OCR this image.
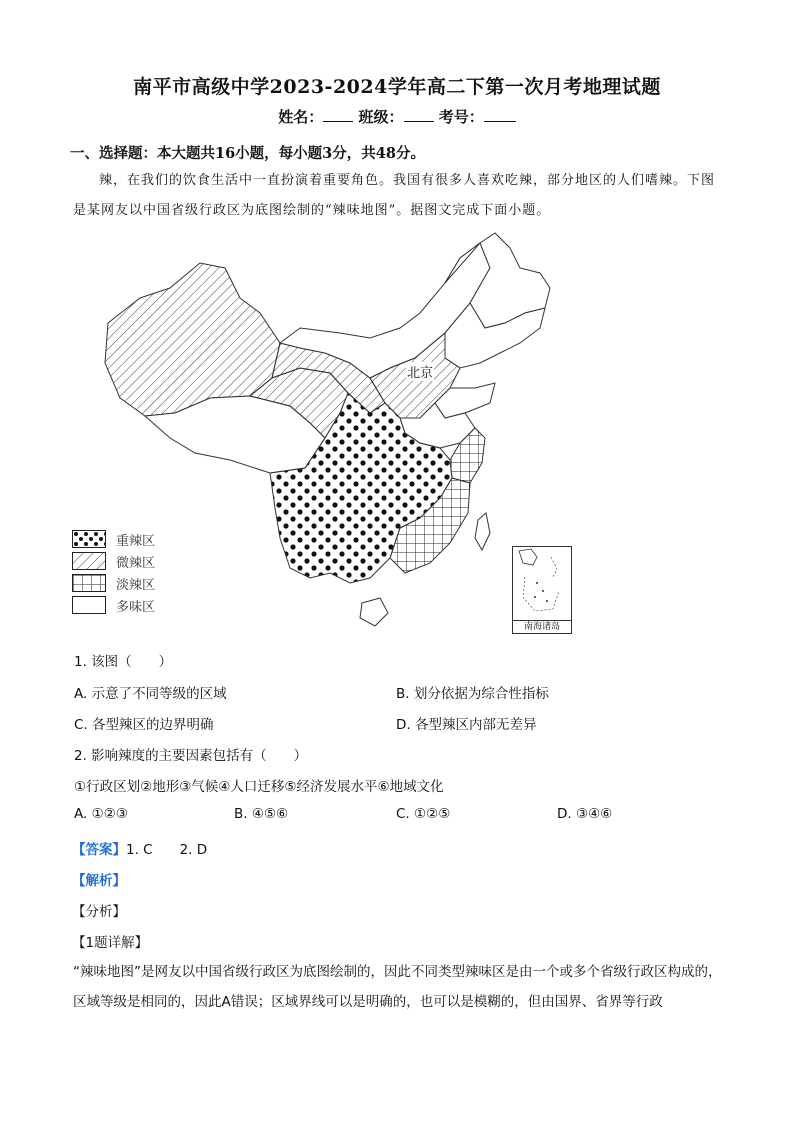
南平市高级中学2023-2024学年高二下第一次月考地理试题
姓名： 班级： 考号：
一、选择题：本大题共16小题，每小题3分，共48分。
辣，在我们的饮食生活中一直扮演着重要角色。我国有很多人喜欢吃辣，部分地区的人们嗜辣。下图是某网友以中国省级行政区为底图绘制的“辣味地图”。据图文完成下面小题。
北京
南海诸岛
重辣区
微辣区
淡辣区
多味区
1. 该图（　　）
A. 示意了不同等级的区域	B. 划分依据为综合性指标
C. 各型辣区的边界明确	D. 各型辣区内部无差异
2. 影响辣度的主要因素包括有（　　）
①行政区划②地形③气候④人口迁移⑤经济发展水平⑥地域文化
A. ①②③	B. ④⑤⑥	C. ①②⑤	D. ③④⑥
【答案】1. C　　2. D
【解析】
【分析】
【1题详解】
“辣味地图”是网友以中国省级行政区为底图绘制的，因此不同类型辣味区是由一个或多个省级行政区构成的，区域等级是相同的，因此A错误；区域界线可以是明确的，也可以是模糊的，但由国界、省界等行政
